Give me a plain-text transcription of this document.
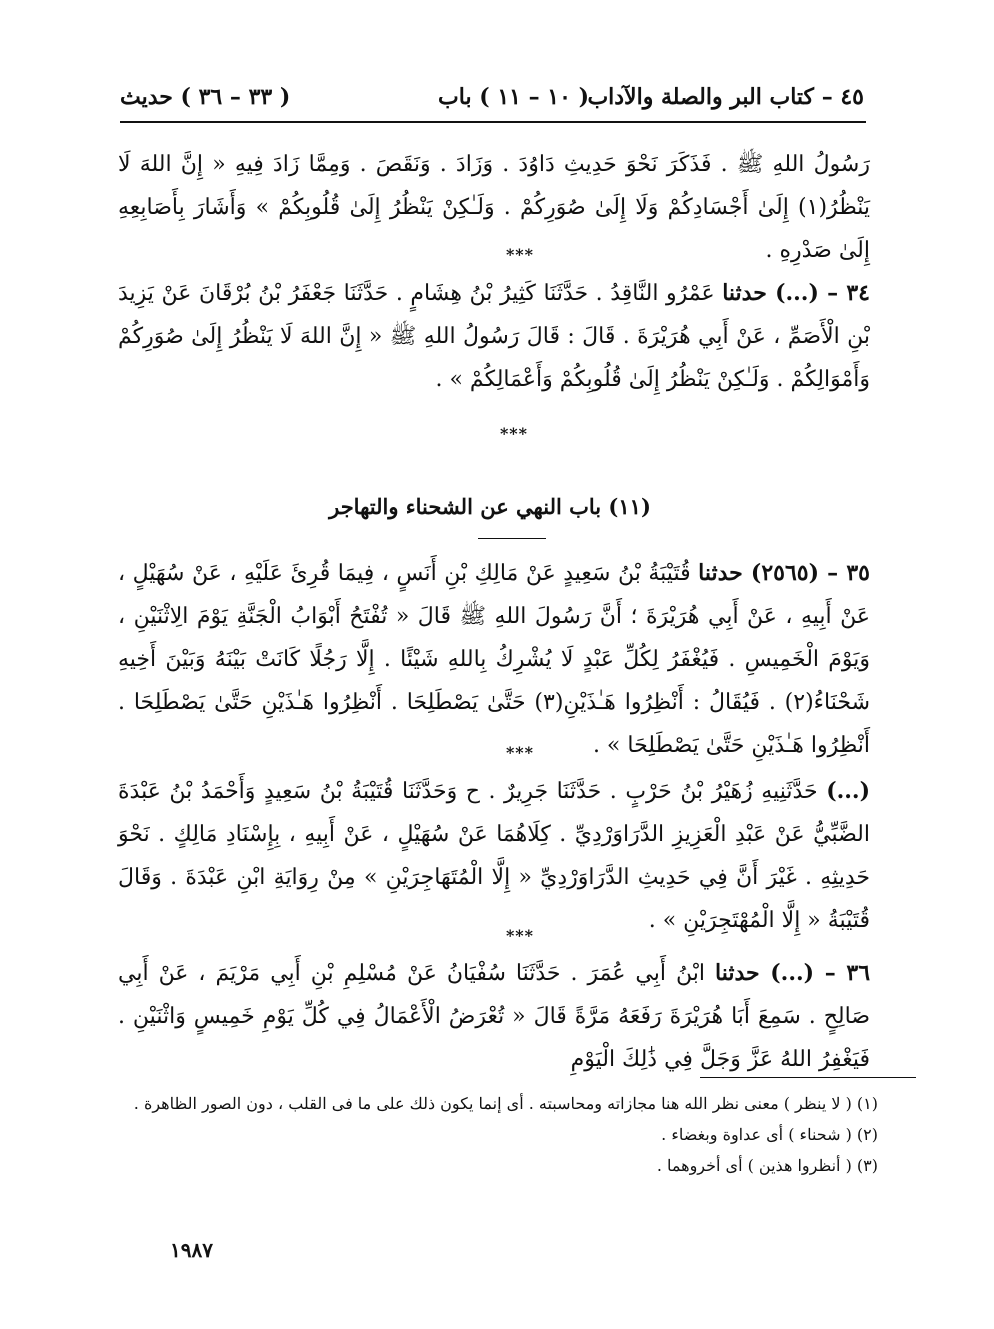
٤٥ – كتاب البر والصلة والآداب
( ١٠ – ١١ ) باب
( ٣٣ – ٣٦ ) حديث

رَسُولُ اللهِ ﷺ . فَذَكَرَ نَحْوَ حَدِيثِ دَاوُدَ . وَزَادَ . وَنَقَصَ . وَمِمَّا زَادَ فِيهِ « إِنَّ اللهَ لَا يَنْظُرُ(١) إِلَىٰ أَجْسَادِكُمْ وَلَا إِلَىٰ صُوَرِكُمْ . وَلَـٰكِنْ يَنْظُرُ إِلَىٰ قُلُوبِكُمْ » وَأَشَارَ بِأَصَابِعِهِ إِلَىٰ صَدْرِهِ .

***

٣٤ – (...) حدثنا عَمْرُو النَّاقِدُ . حَدَّثَنَا كَثِيرُ بْنُ هِشَامٍ . حَدَّثَنَا جَعْفَرُ بْنُ بُرْقَانَ عَنْ يَزِيدَ بْنِ الْأَصَمِّ ، عَنْ أَبِي هُرَيْرَةَ . قَالَ : قَالَ رَسُولُ اللهِ ﷺ « إِنَّ اللهَ لَا يَنْظُرُ إِلَىٰ صُوَرِكُمْ وَأَمْوَالِكُمْ . وَلَـٰكِنْ يَنْظُرُ إِلَىٰ قُلُوبِكُمْ وَأَعْمَالِكُمْ » .

***
(١١) باب النهي عن الشحناء والتهاجر

٣٥ – (٢٥٦٥) حدثنا قُتَيْبَةُ بْنُ سَعِيدٍ عَنْ مَالِكِ بْنِ أَنَسٍ ، فِيمَا قُرِئَ عَلَيْهِ ، عَنْ سُهَيْلٍ ، عَنْ أَبِيهِ ، عَنْ أَبِي هُرَيْرَةَ ؛ أَنَّ رَسُولَ اللهِ ﷺ قَالَ « تُفْتَحُ أَبْوَابُ الْجَنَّةِ يَوْمَ الِاثْنَيْنِ ، وَيَوْمَ الْخَمِيسِ . فَيُغْفَرُ لِكُلِّ عَبْدٍ لَا يُشْرِكُ بِاللهِ شَيْئًا . إِلَّا رَجُلًا كَانَتْ بَيْنَهُ وَبَيْنَ أَخِيهِ شَحْنَاءُ(٢) . فَيُقَالُ : أَنْظِرُوا هَـٰذَيْنِ(٣) حَتَّىٰ يَصْطَلِحَا . أَنْظِرُوا هَـٰذَيْنِ حَتَّىٰ يَصْطَلِحَا . أَنْظِرُوا هَـٰذَيْنِ حَتَّىٰ يَصْطَلِحَا » .

***

(...) حَدَّثَنِيهِ زُهَيْرُ بْنُ حَرْبٍ . حَدَّثَنَا جَرِيرٌ . ح وَحَدَّثَنَا قُتَيْبَةُ بْنُ سَعِيدٍ وَأَحْمَدُ بْنُ عَبْدَةَ الضَّبِّيُّ عَنْ عَبْدِ الْعَزِيزِ الدَّرَاوَرْدِيِّ . كِلَاهُمَا عَنْ سُهَيْلٍ ، عَنْ أَبِيهِ ، بِإِسْنَادِ مَالِكٍ . نَحْوَ حَدِيثِهِ . غَيْرَ أَنَّ فِي حَدِيثِ الدَّرَاوَرْدِيِّ « إِلَّا الْمُتَهَاجِرَيْنِ » مِنْ رِوَايَةِ ابْنِ عَبْدَةَ . وَقَالَ قُتَيْبَةُ « إِلَّا الْمُهْتَجِرَيْنِ » .

***

٣٦ – (...) حدثنا ابْنُ أَبِي عُمَرَ . حَدَّثَنَا سُفْيَانُ عَنْ مُسْلِمِ بْنِ أَبِي مَرْيَمَ ، عَنْ أَبِي صَالِحٍ . سَمِعَ أَبَا هُرَيْرَةَ رَفَعَهُ مَرَّةً قَالَ « تُعْرَضُ الْأَعْمَالُ فِي كُلِّ يَوْمِ خَمِيسٍ وَاثْنَيْنِ . فَيَغْفِرُ اللهُ عَزَّ وَجَلَّ فِي ذَٰلِكَ الْيَوْمِ

(١) ( لا ينظر ) معنى نظر الله هنا مجازاته ومحاسبته . أى إنما يكون ذلك على ما فى القلب ، دون الصور الظاهرة .

(٢) ( شحناء ) أى عداوة وبغضاء .

(٣) ( أنظروا هذين ) أى أخروهما .

١٩٨٧
